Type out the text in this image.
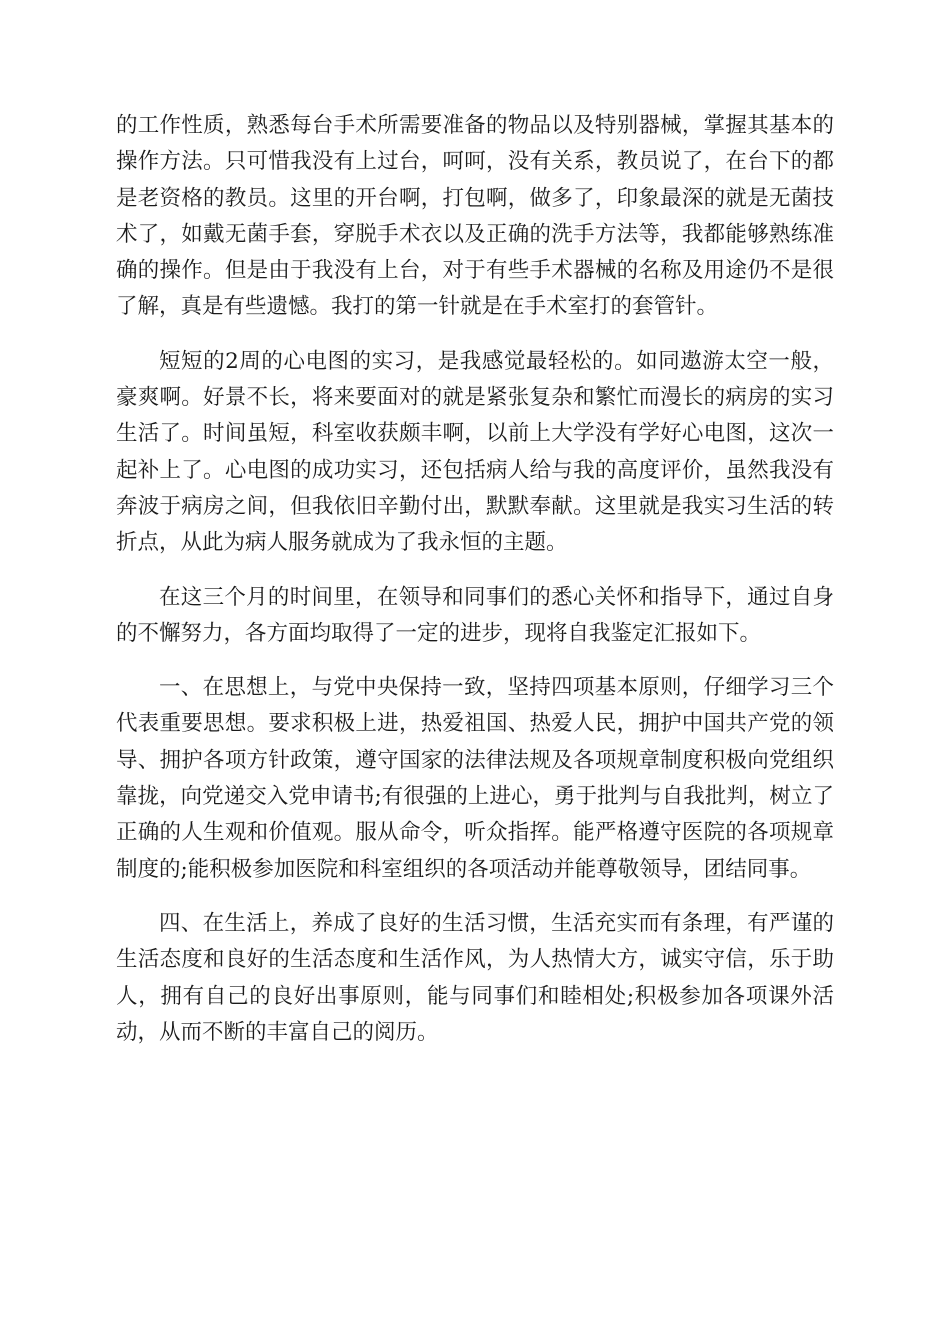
的工作性质，熟悉每台手术所需要准备的物品以及特别器械，掌握其基本的操作方法。只可惜我没有上过台，呵呵，没有关系，教员说了，在台下的都是老资格的教员。这里的开台啊，打包啊，做多了，印象最深的就是无菌技术了，如戴无菌手套，穿脱手术衣以及正确的洗手方法等，我都能够熟练准确的操作。但是由于我没有上台，对于有些手术器械的名称及用途仍不是很了解，真是有些遗憾。我打的第一针就是在手术室打的套管针。

短短的2周的心电图的实习，是我感觉最轻松的。如同遨游太空一般，豪爽啊。好景不长，将来要面对的就是紧张复杂和繁忙而漫长的病房的实习生活了。时间虽短，科室收获颇丰啊，以前上大学没有学好心电图，这次一起补上了。心电图的成功实习，还包括病人给与我的高度评价，虽然我没有奔波于病房之间，但我依旧辛勤付出，默默奉献。这里就是我实习生活的转折点，从此为病人服务就成为了我永恒的主题。

在这三个月的时间里，在领导和同事们的悉心关怀和指导下，通过自身的不懈努力，各方面均取得了一定的进步，现将自我鉴定汇报如下。

一、在思想上，与党中央保持一致，坚持四项基本原则，仔细学习三个代表重要思想。要求积极上进，热爱祖国、热爱人民，拥护中国共产党的领导、拥护各项方针政策，遵守国家的法律法规及各项规章制度积极向党组织靠拢，向党递交入党申请书;有很强的上进心，勇于批判与自我批判，树立了正确的人生观和价值观。服从命令，听众指挥。能严格遵守医院的各项规章制度的;能积极参加医院和科室组织的各项活动并能尊敬领导，团结同事。

四、在生活上，养成了良好的生活习惯，生活充实而有条理，有严谨的生活态度和良好的生活态度和生活作风，为人热情大方，诚实守信，乐于助人，拥有自己的良好出事原则，能与同事们和睦相处;积极参加各项课外活动，从而不断的丰富自己的阅历。
